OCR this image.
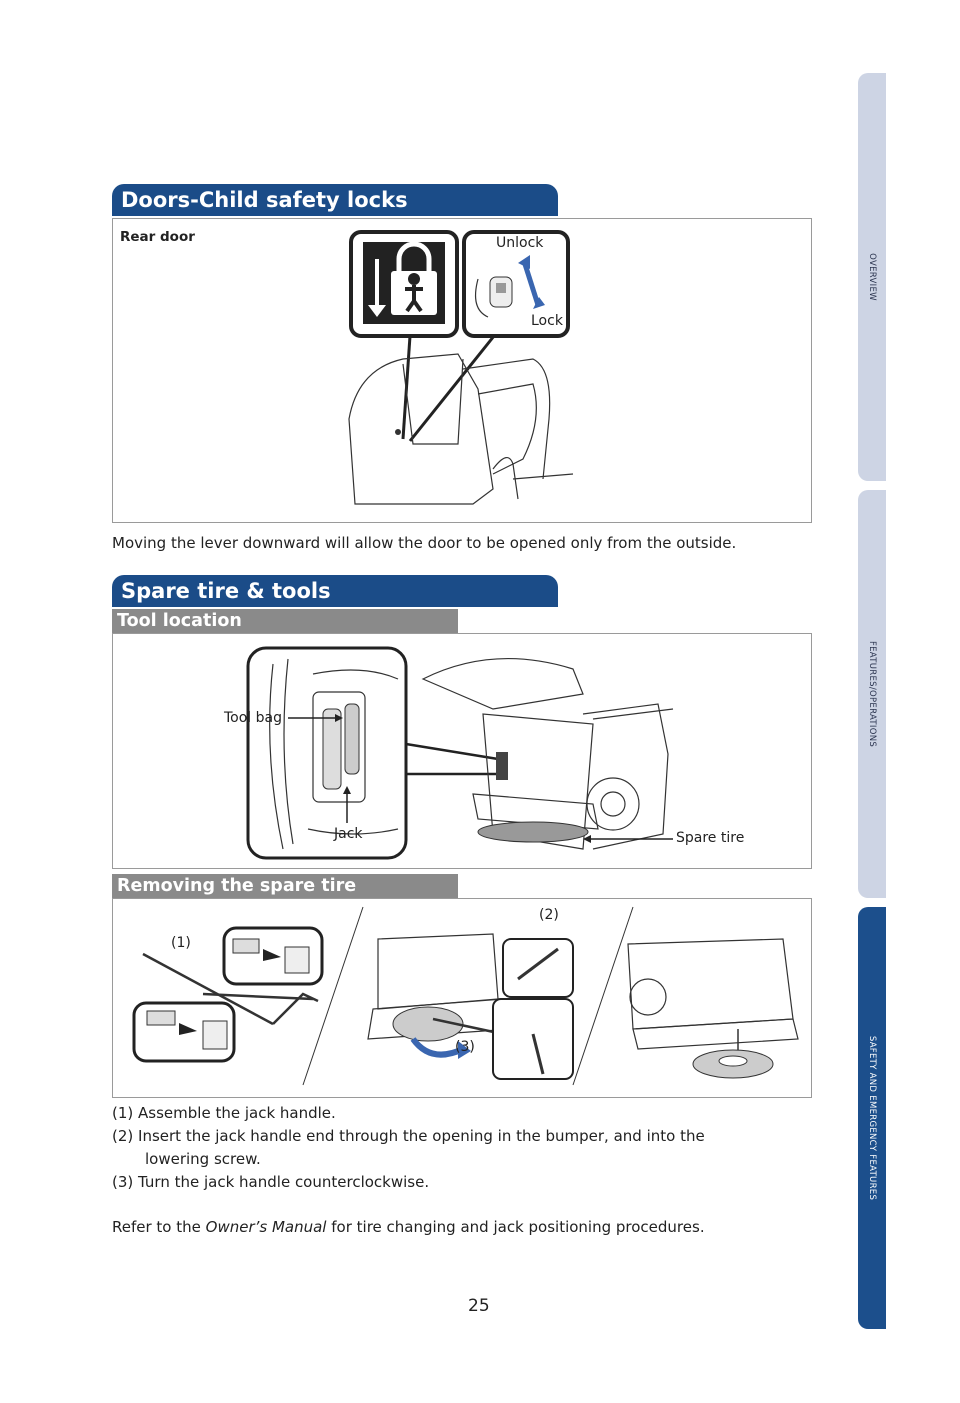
OVERVIEW
FEATURES/OPERATIONS
SAFETY AND EMERGENCY FEATURES
Doors-Child safety locks
Rear door	Unlock
Lock
Moving the lever downward will allow the door to be opened only from the outside.
Spare tire & tools
Tool location
Tool bag
Jack	Spare tire
Removing the spare tire
(1)
(2)
(3)
(1) Assemble the jack handle.
(2) Insert the jack handle end through the opening in the bumper, and into the
lowering screw.
(3) Turn the jack handle counterclockwise.
Refer to the Owner’s Manual for tire changing and jack positioning procedures.
25
